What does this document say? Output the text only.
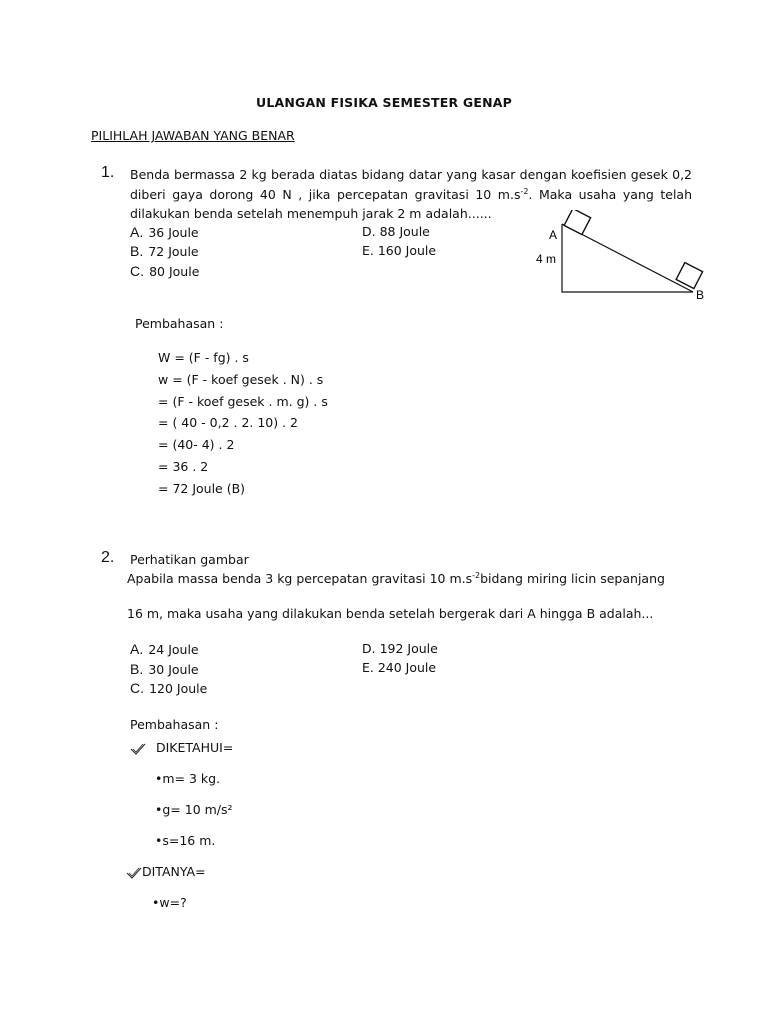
ULANGAN FISIKA SEMESTER GENAP
PILIHLAH JAWABAN YANG BENAR
1. Benda bermassa 2 kg berada diatas bidang datar yang kasar dengan koefisien gesek 0,2 diberi gaya dorong 40 N , jika percepatan gravitasi 10 $m.s^{-2}$. Maka usaha yang telah dilakukan benda setelah menempuh jarak 2 m adalah......
A. 36 Joule
B. 72 Joule
C. 80 Joule
D. 88 Joule
E. 160 Joule
A
4 m
B
Pembahasan :
W = (F - fg) . s
w = (F - koef gesek . N) . s
= (F - koef gesek . m. g) . s
= ( 40 - 0,2 . 2. 10) . 2
= (40- 4) . 2
= 36 . 2
= 72 Joule (B)
2. Perhatikan gambar
Apabila massa benda 3 kg percepatan gravitasi 10 $m.s^{-2}bidang$ miring licin sepanjang
16 m, maka usaha yang dilakukan benda setelah bergerak dari A hingga B adalah...
A. 24 Joule
B. 30 Joule
C. 120 Joule
D. 192 Joule
E. 240 Joule
Pembahasan :
DIKETAHUI=
•m= 3 kg.
•g= 10 m/s²
•s=16 m.
DITANYA=
•w=?
